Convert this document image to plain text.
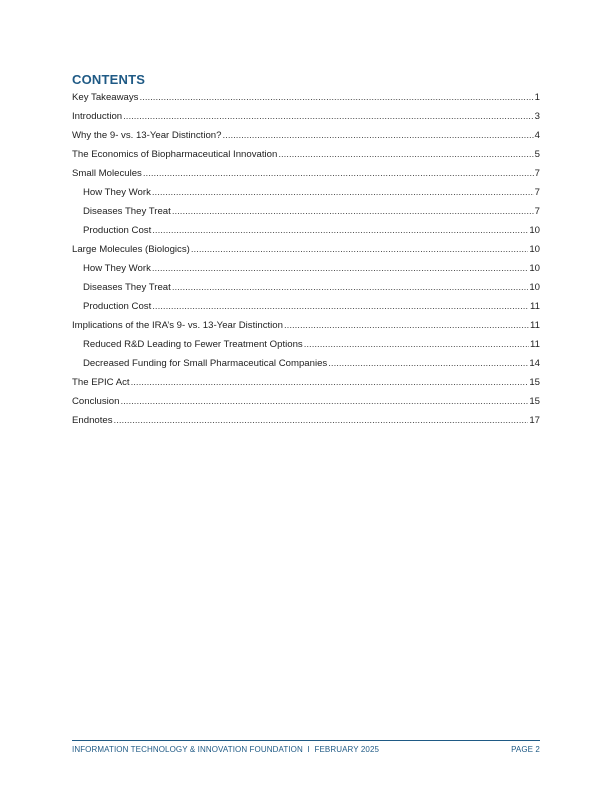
CONTENTS
Key Takeaways .....	1
Introduction .....	3
Why the 9- vs. 13-Year Distinction? .....	4
The Economics of Biopharmaceutical Innovation .....	5
Small Molecules .....	7
How They Work .....	7
Diseases They Treat .....	7
Production Cost .....	10
Large Molecules (Biologics) .....	10
How They Work .....	10
Diseases They Treat .....	10
Production Cost .....	11
Implications of the IRA’s 9- vs. 13-Year Distinction .....	11
Reduced R&D Leading to Fewer Treatment Options .....	11
Decreased Funding for Small Pharmaceutical Companies .....	14
The EPIC Act .....	15
Conclusion .....	15
Endnotes .....	17
INFORMATION TECHNOLOGY & INNOVATION FOUNDATION I FEBRUARY 2025	PAGE 2
